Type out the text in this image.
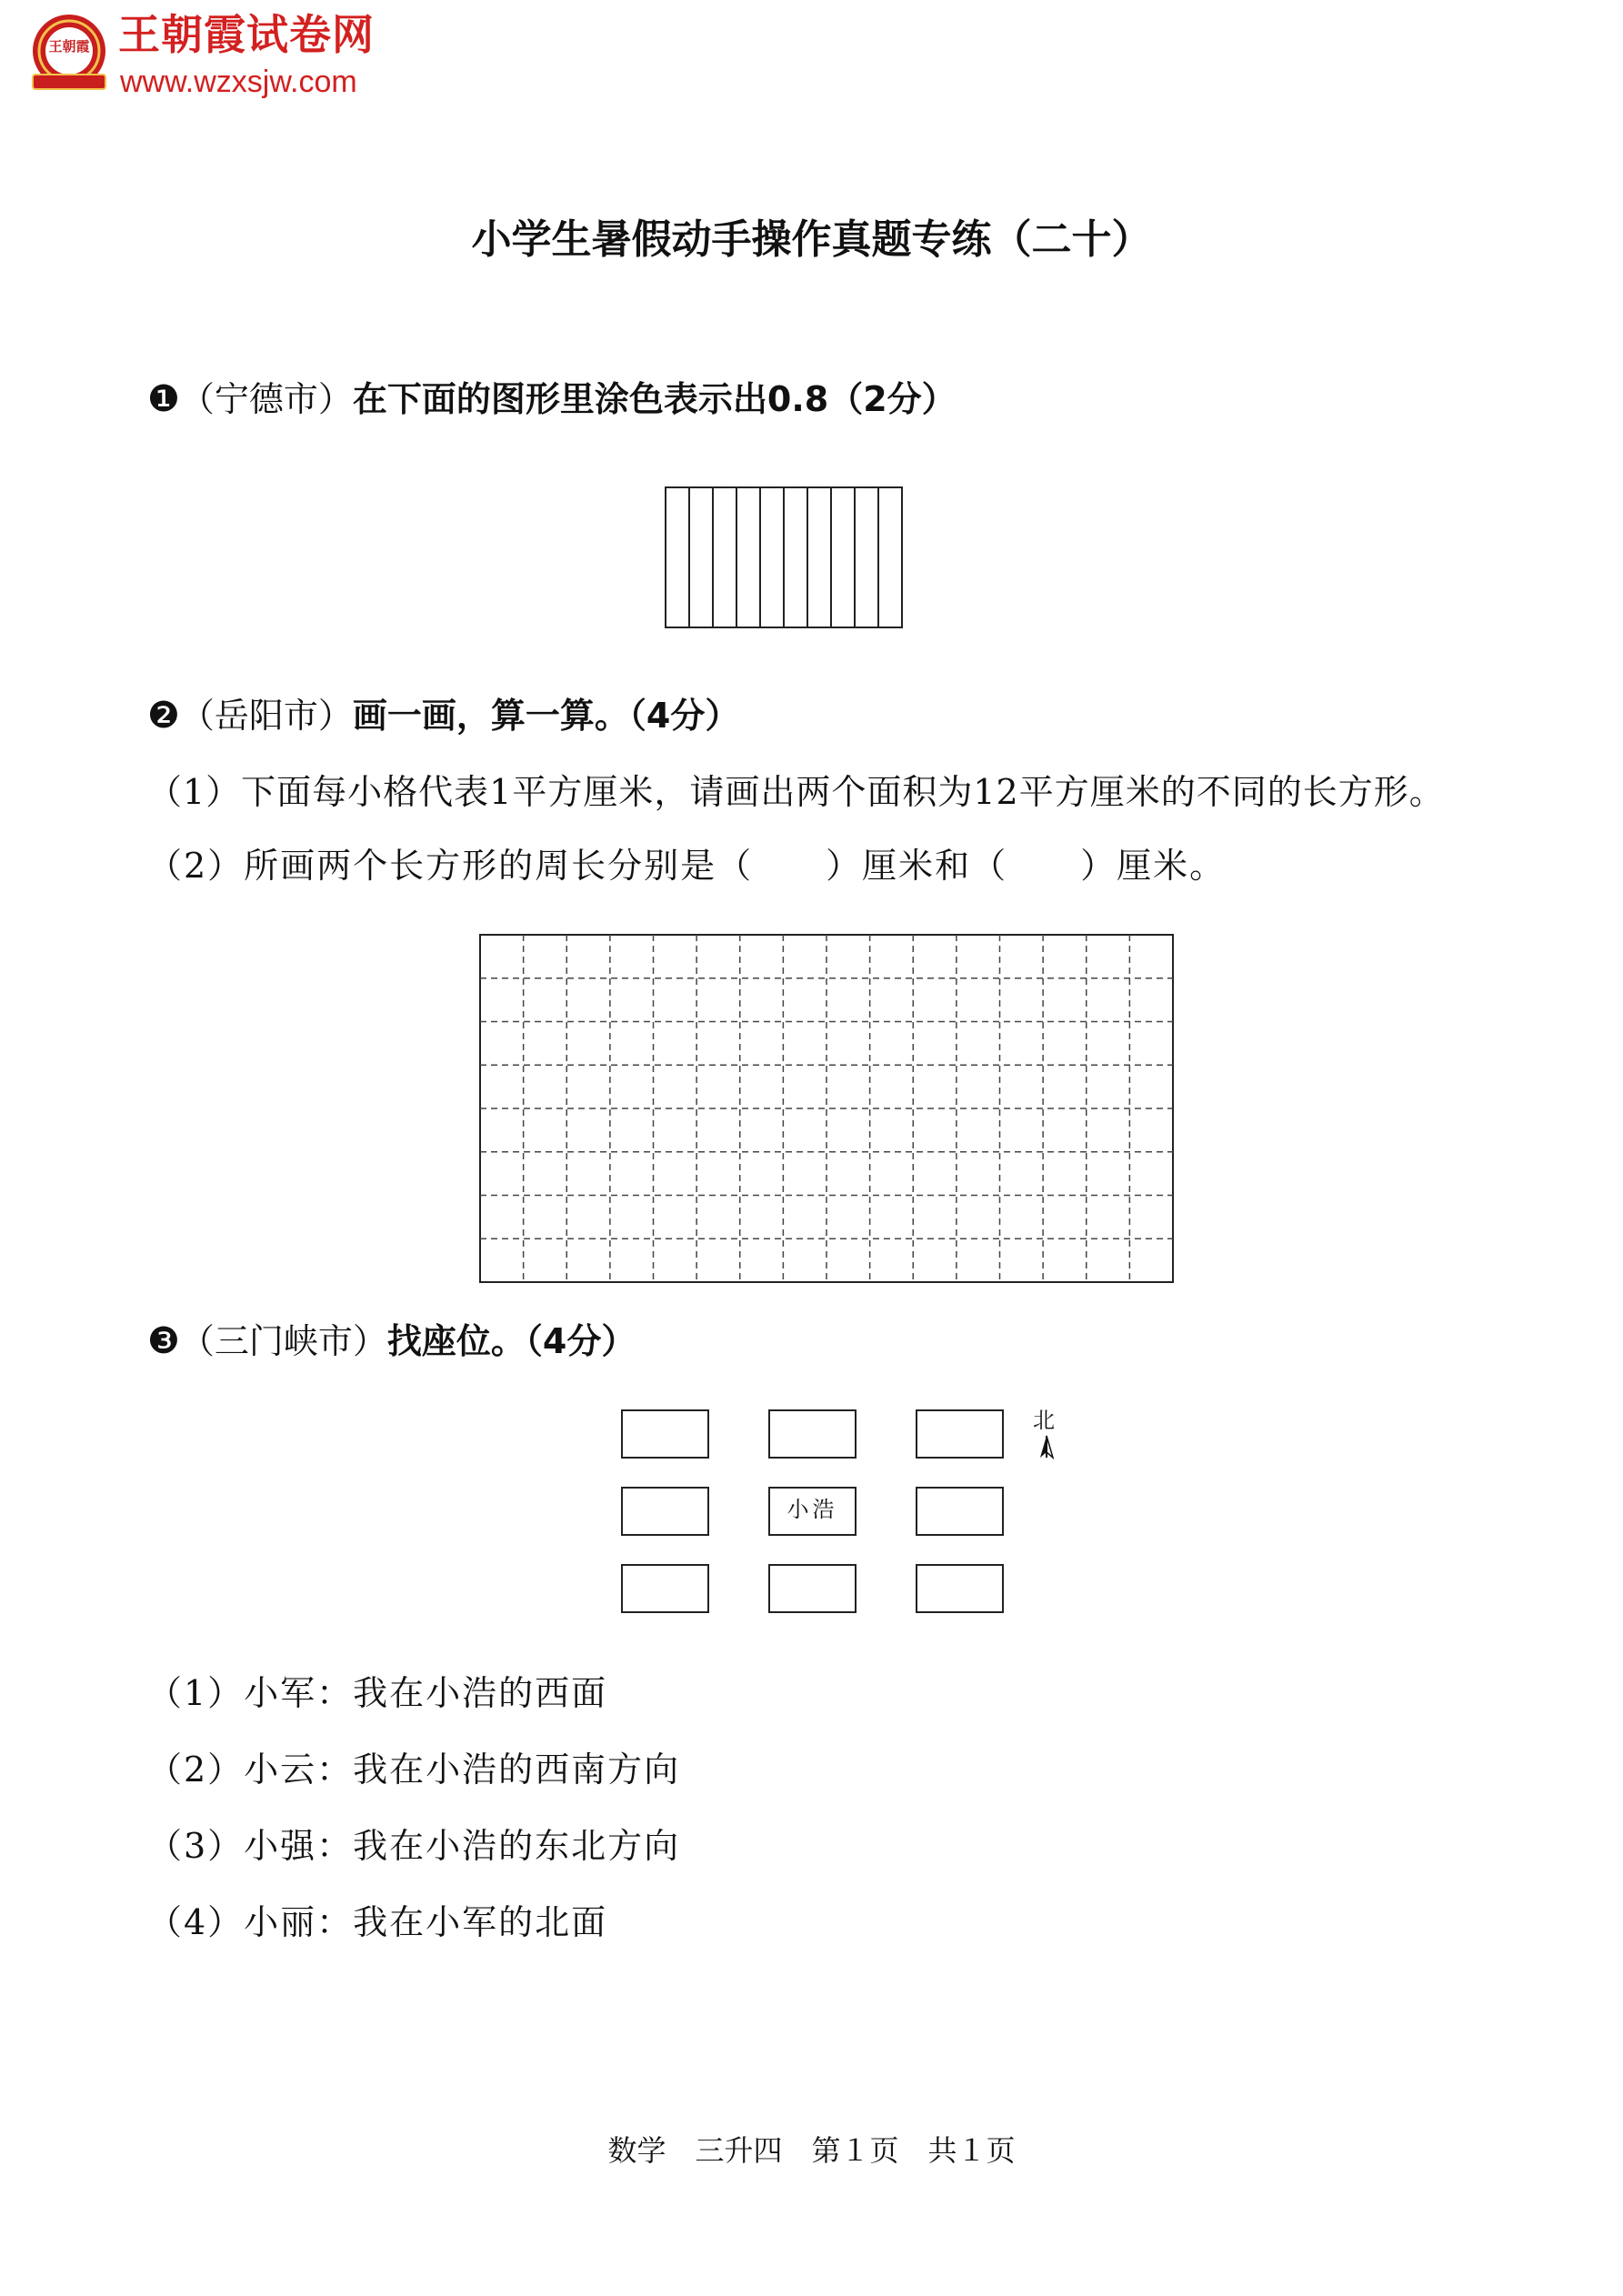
王朝霞 王朝霞试卷网
www.wzxsjw.com
小学生暑假动手操作真题专练（二十）
❶（宁德市）在下面的图形里涂色表示出0.8（2分）
❷（岳阳市）画一画，算一算。（4分）
（1）下面每小格代表1平方厘米，请画出两个面积为12平方厘米的不同的长方形。
（2）所画两个长方形的周长分别是（　　）厘米和（　　）厘米。
❸（三门峡市）找座位。（4分）
小浩
北
（1）小军：我在小浩的西面
（2）小云：我在小浩的西南方向
（3）小强：我在小浩的东北方向
（4）小丽：我在小军的北面
数学　三升四　第１页　共１页
